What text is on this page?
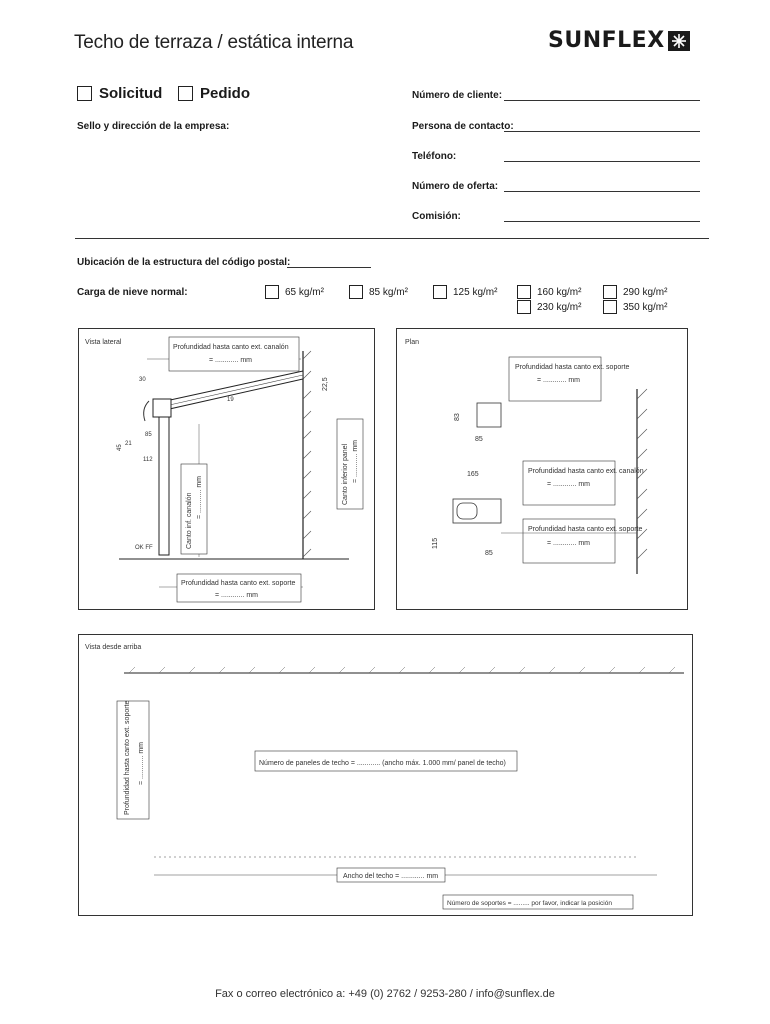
Techo de terraza / estática interna	SUNFLEX
Solicitud	Pedido
Sello y dirección de la empresa:
Número de cliente:
Persona de contacto:
Teléfono:
Número de oferta:
Comisión:
Ubicación de la estructura del código postal:
Carga de nieve normal:	65 kg/m²	85 kg/m²	125 kg/m²	160 kg/m²	290 kg/m²
230 kg/m²	350 kg/m²
Vista lateral
Profundidad hasta canto ext. canalón
= ............ mm
Canto inf. canalón = ............ mm	Canto inferior panel = ............ mm
22,5
30
19
85
21
45
112
OK FF
Profundidad hasta canto ext. soporte
= ............ mm
Plan
85
83
Profundidad hasta canto ext. soporte
= ............ mm
165
115
85
Profundidad hasta canto ext. canalón
= ............ mm
Profundidad hasta canto ext. soporte
= ............ mm
Vista desde arriba
Profundidad hasta canto ext. soporte = ............ mm	Número de paneles de techo = ............ (ancho máx. 1.000 mm/ panel de techo)
Ancho del techo = ............ mm
Número de soportes = ......... por favor, indicar la posición
Fax o correo electrónico a: +49 (0) 2762 / 9253-280 / info@sunflex.de
